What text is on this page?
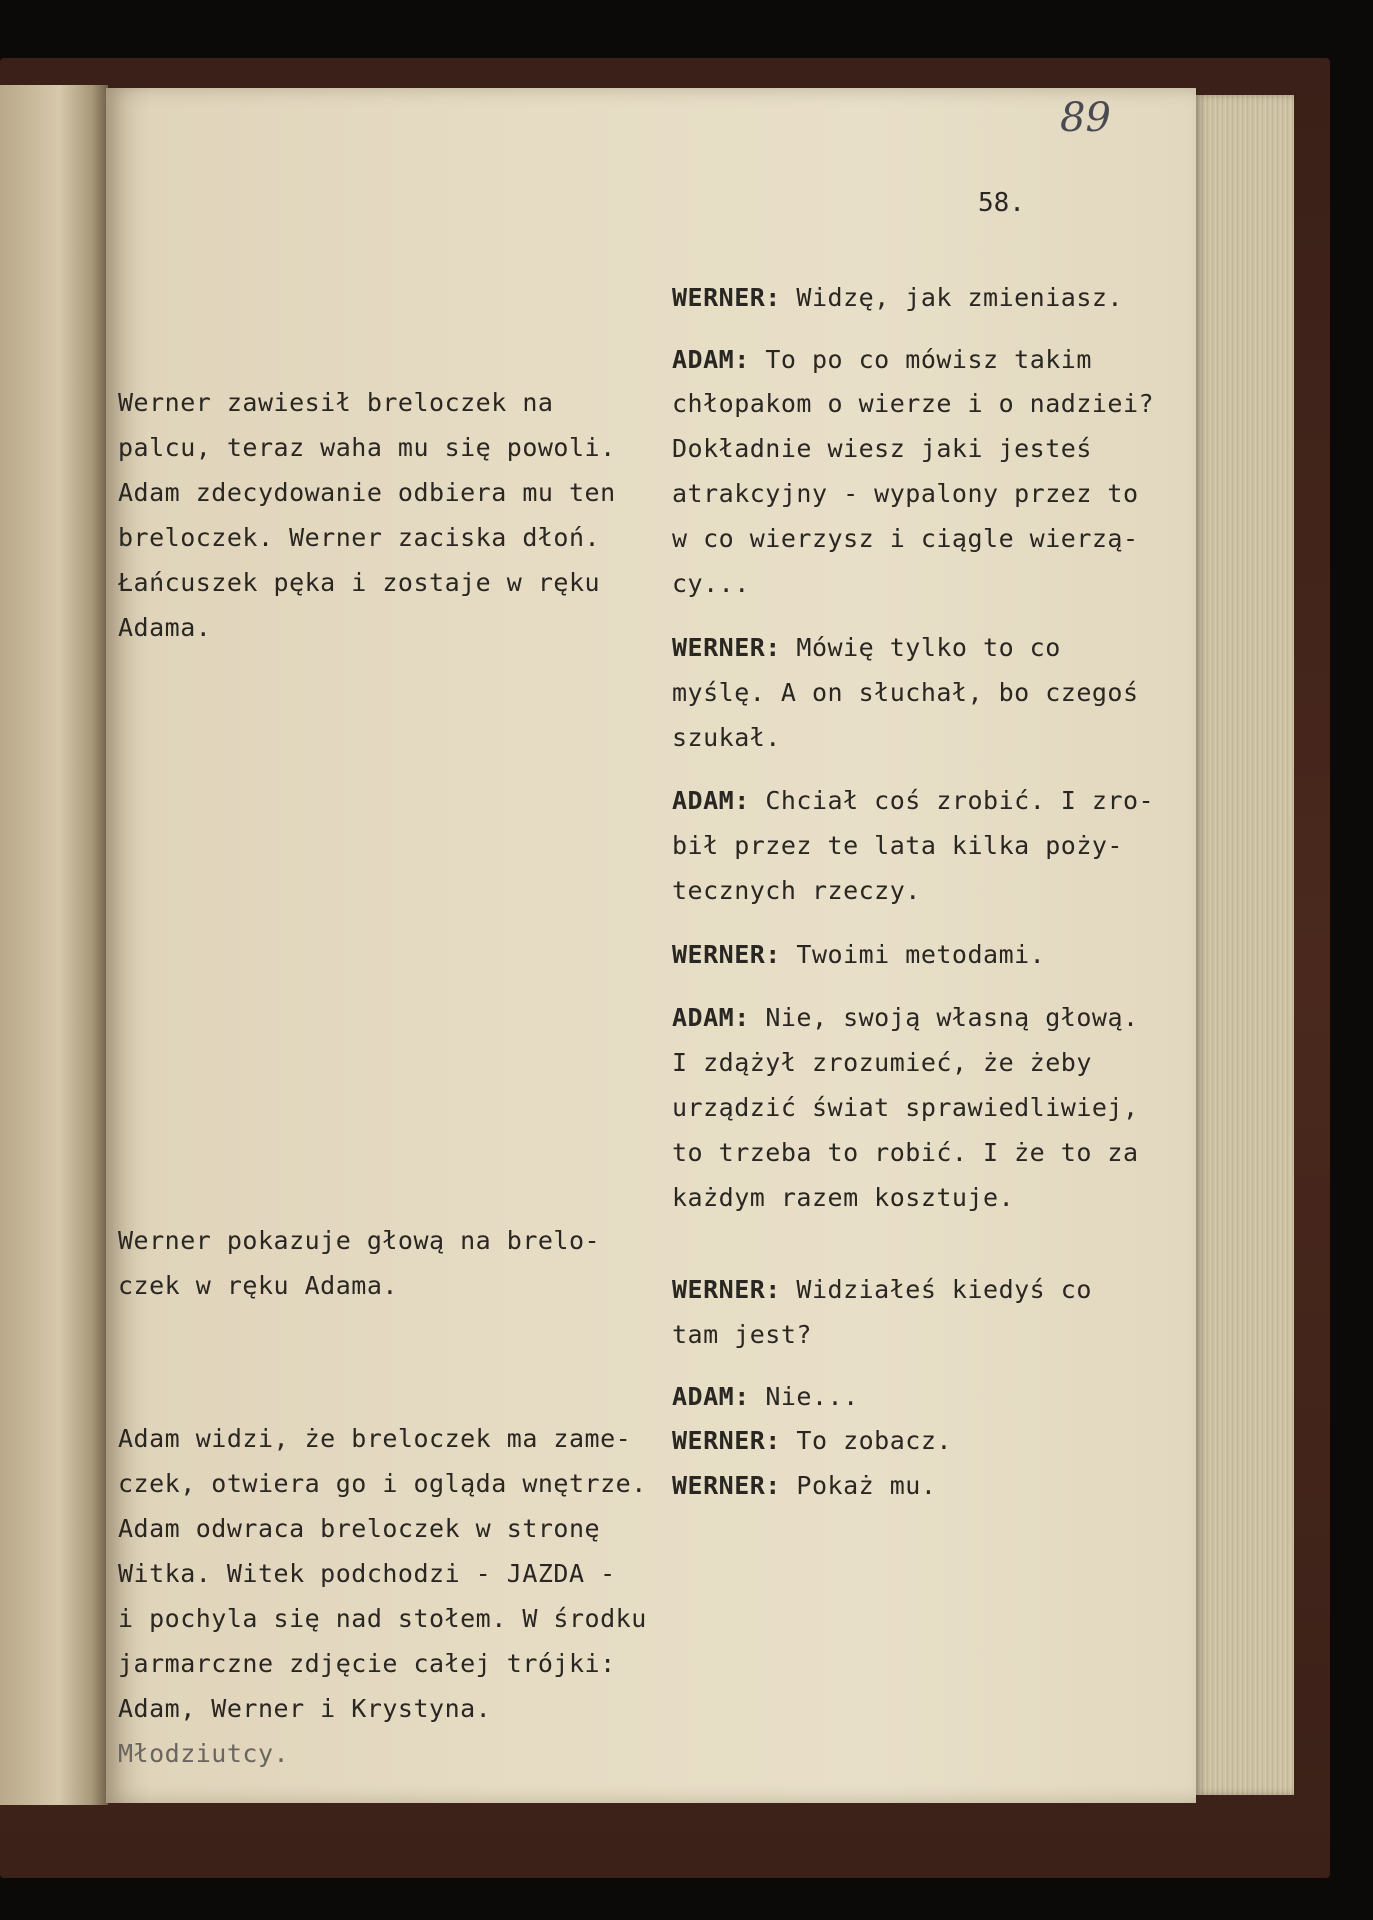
89
58.
Werner zawiesił breloczek na
palcu, teraz waha mu się powoli.
Adam zdecydowanie odbiera mu ten
breloczek. Werner zaciska dłoń.
Łańcuszek pęka i zostaje w ręku
Adama.
Werner pokazuje głową na brelo-
czek w ręku Adama.
Adam widzi, że breloczek ma zame-
czek, otwiera go i ogląda wnętrze.
Adam odwraca breloczek w stronę
Witka. Witek podchodzi - JAZDA -
i pochyla się nad stołem. W środku
jarmarczne zdjęcie całej trójki:
Adam, Werner i Krystyna.
Młodziutcy.
WERNER: Widzę, jak zmieniasz.
ADAM: To po co mówisz takim
chłopakom o wierze i o nadziei?
Dokładnie wiesz jaki jesteś
atrakcyjny - wypalony przez to
w co wierzysz i ciągle wierzą-
cy...
WERNER: Mówię tylko to co
myślę. A on słuchał, bo czegoś
szukał.
ADAM: Chciał coś zrobić. I zro-
bił przez te lata kilka poży-
tecznych rzeczy.
WERNER: Twoimi metodami.
ADAM: Nie, swoją własną głową.
I zdążył zrozumieć, że żeby
urządzić świat sprawiedliwiej,
to trzeba to robić. I że to za
każdym razem kosztuje.
WERNER: Widziałeś kiedyś co
tam jest?
ADAM: Nie...
WERNER: To zobacz.
WERNER: Pokaż mu.
